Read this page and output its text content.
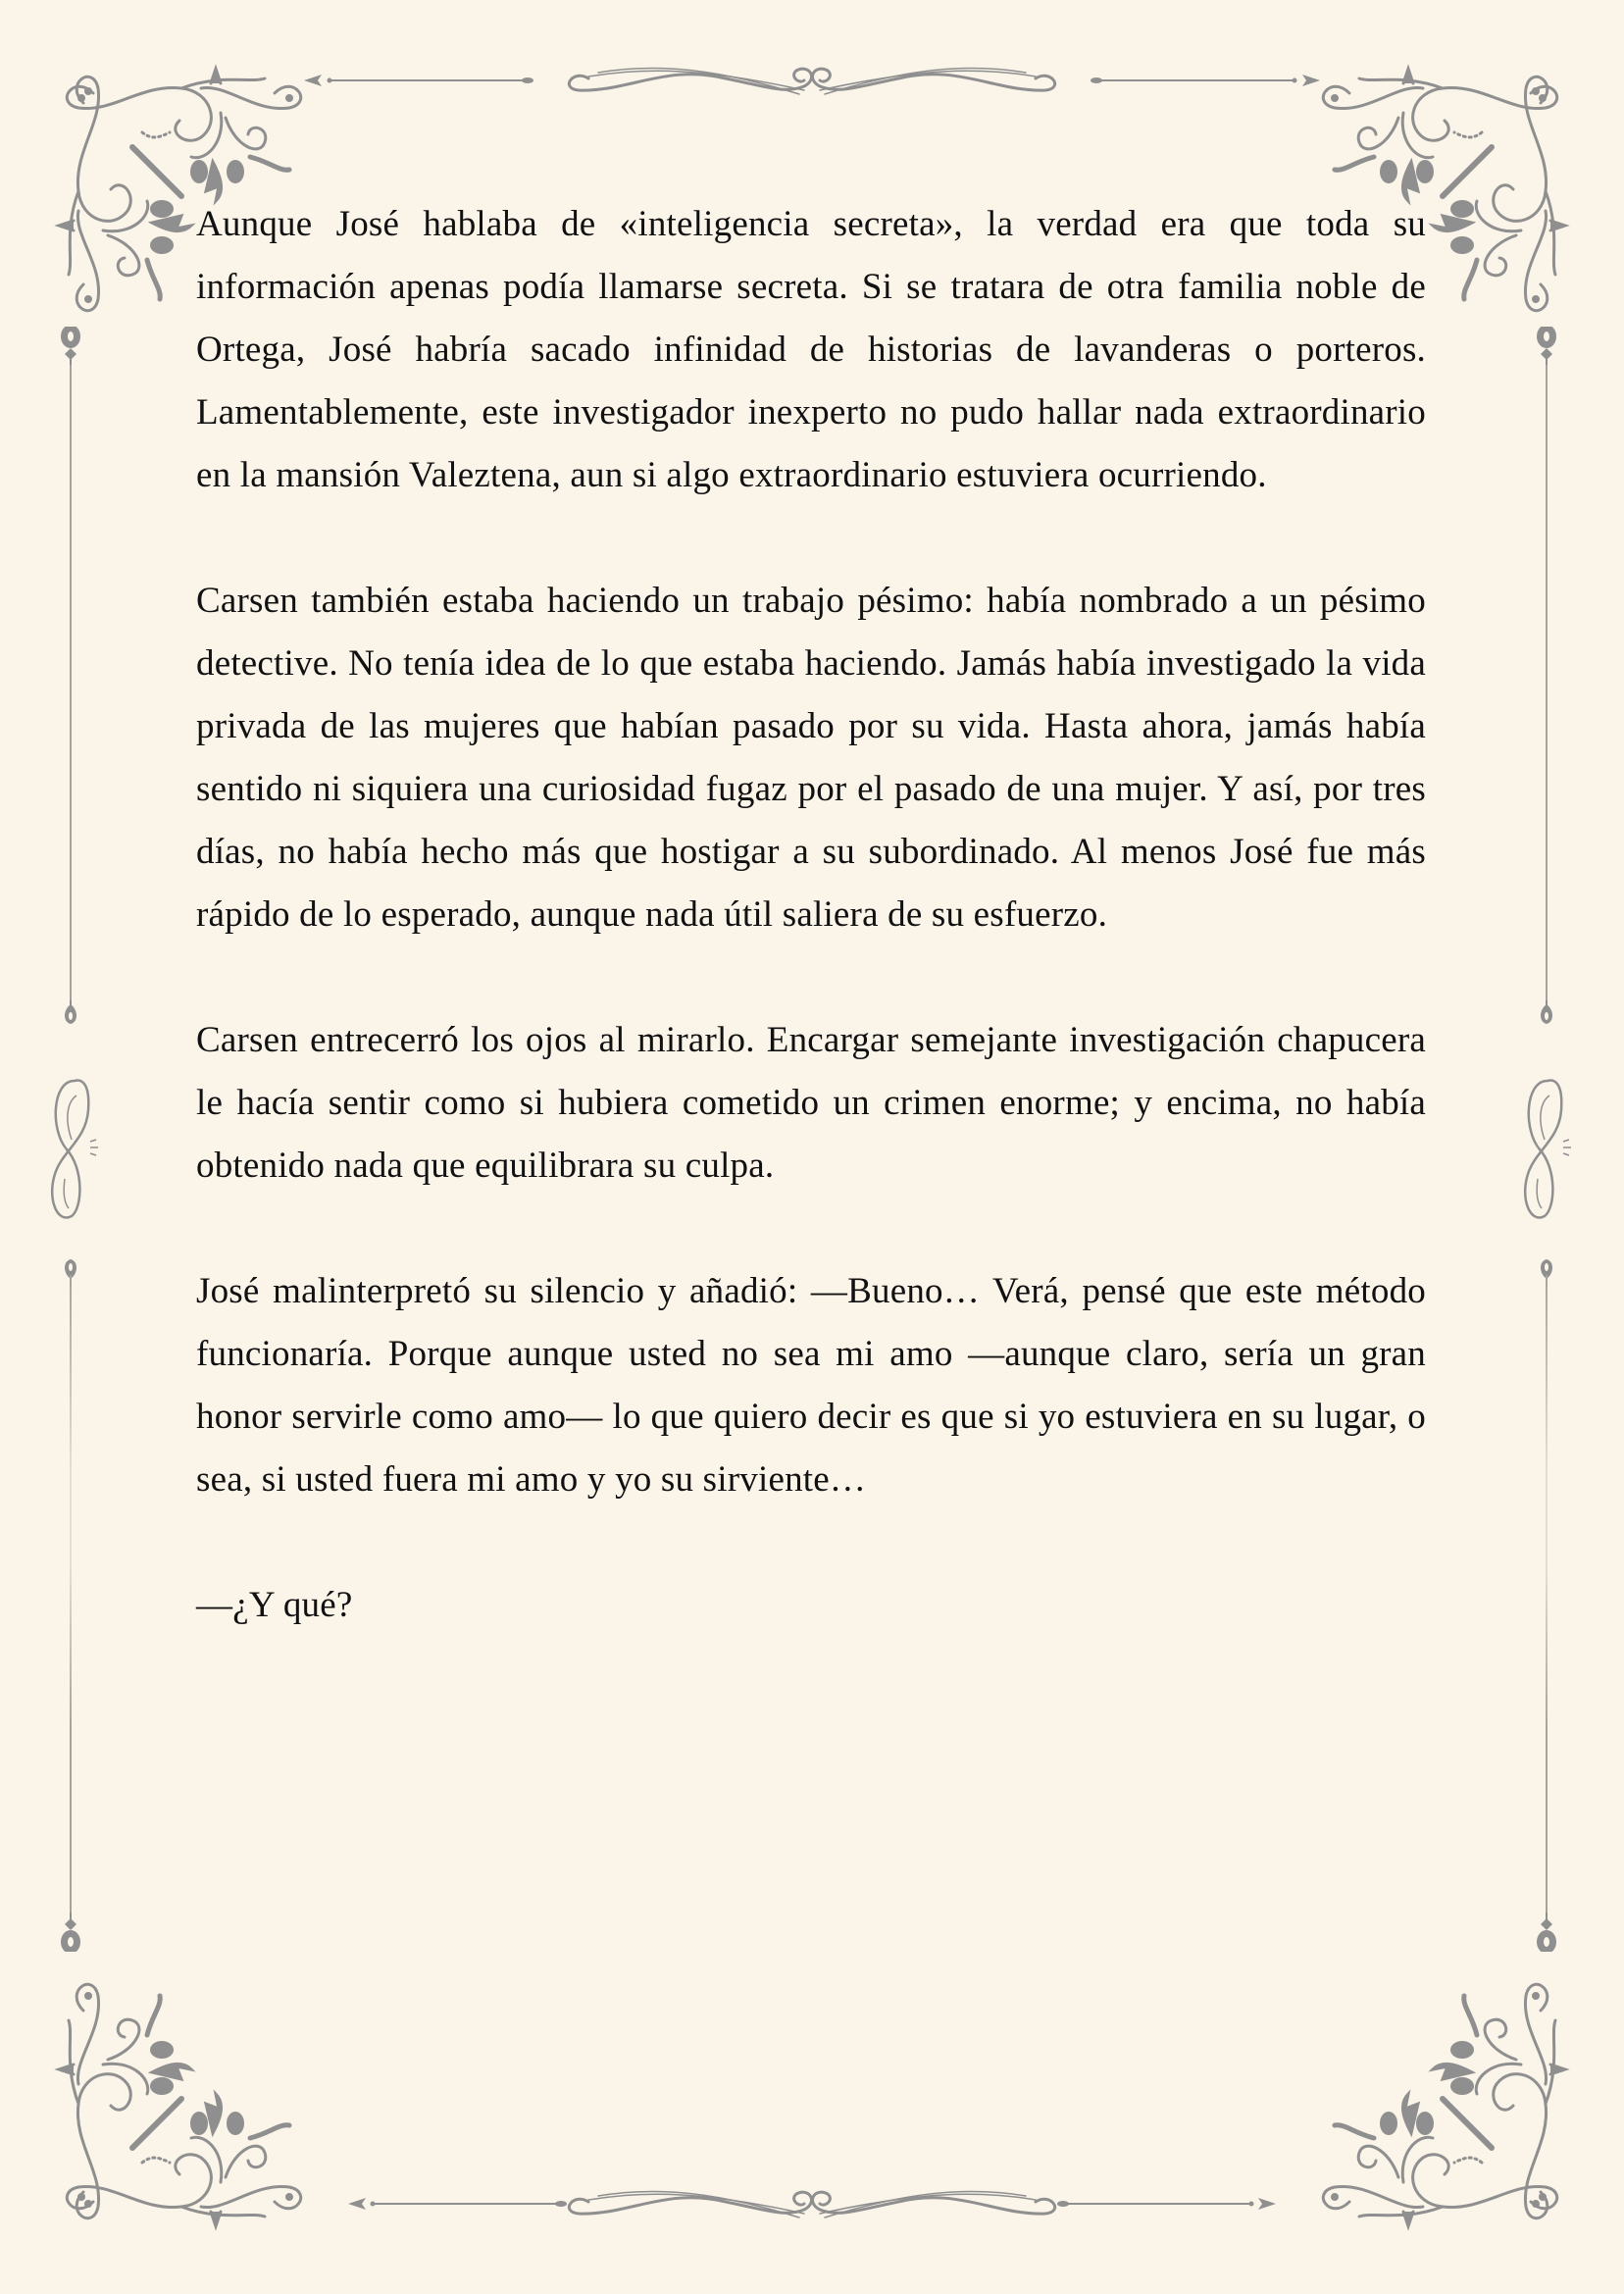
Aunque José hablaba de «inteligencia secreta», la verdad era que toda su información apenas podía llamarse secreta. Si se tratara de otra familia noble de Ortega, José habría sacado infinidad de historias de lavanderas o porteros. Lamentablemente, este investigador inexperto no pudo hallar nada extraordinario en la mansión Valeztena, aun si algo extraordinario estuviera ocurriendo.

Carsen también estaba haciendo un trabajo pésimo: había nombrado a un pésimo detective. No tenía idea de lo que estaba haciendo. Jamás había investigado la vida privada de las mujeres que habían pasado por su vida. Hasta ahora, jamás había sentido ni siquiera una curiosidad fugaz por el pasado de una mujer. Y así, por tres días, no había hecho más que hostigar a su subordinado. Al menos José fue más rápido de lo esperado, aunque nada útil saliera de su esfuerzo.

Carsen entrecerró los ojos al mirarlo. Encargar semejante investigación chapucera le hacía sentir como si hubiera cometido un crimen enorme; y encima, no había obtenido nada que equilibrara su culpa.

José malinterpretó su silencio y añadió: —Bueno… Verá, pensé que este método funcionaría. Porque aunque usted no sea mi amo —aunque claro, sería un gran honor servirle como amo— lo que quiero decir es que si yo estuviera en su lugar, o sea, si usted fuera mi amo y yo su sirviente…

—¿Y qué?
